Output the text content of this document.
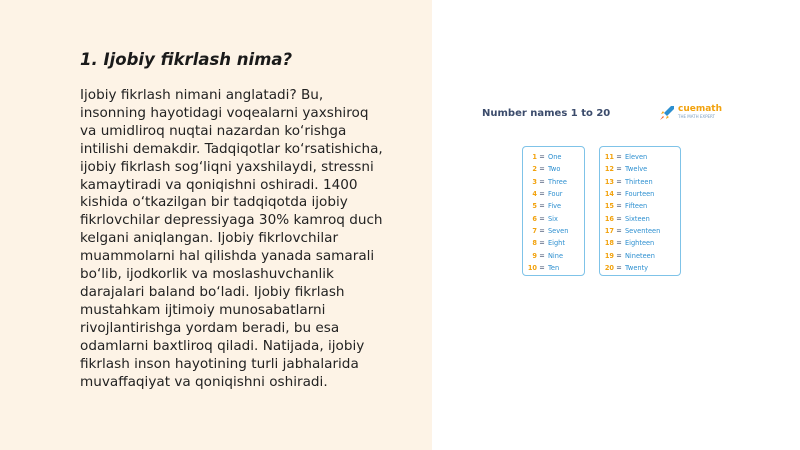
1. Ijobiy fikrlash nima?

Ijobiy fikrlash nimani anglatadi? Bu,
insonning hayotidagi voqealarni yaxshiroq
va umidliroq nuqtai nazardan ko‘rishga
intilishi demakdir. Tadqiqotlar ko‘rsatishicha,
ijobiy fikrlash sog‘liqni yaxshilaydi, stressni
kamaytiradi va qoniqishni oshiradi. 1400
kishida o‘tkazilgan bir tadqiqotda ijobiy
fikrlovchilar depressiyaga 30% kamroq duch
kelgani aniqlangan. Ijobiy fikrlovchilar
muammolarni hal qilishda yanada samarali
bo‘lib, ijodkorlik va moslashuvchanlik
darajalari baland bo‘ladi. Ijobiy fikrlash
mustahkam ijtimoiy munosabatlarni
rivojlantirishga yordam beradi, bu esa
odamlarni baxtliroq qiladi. Natijada, ijobiy
fikrlash inson hayotining turli jabhalarida
muvaffaqiyat va qoniqishni oshiradi.

Number names 1 to 20	cuemath
THE MATH EXPERT
1 = One
2 = Two
3 = Three
4 = Four
5 = Five
6 = Six
7 = Seven
8 = Eight
9 = Nine
10 = Ten
11 = Eleven
12 = Twelve
13 = Thirteen
14 = Fourteen
15 = Fifteen
16 = Sixteen
17 = Seventeen
18 = Eighteen
19 = Nineteen
20 = Twenty
